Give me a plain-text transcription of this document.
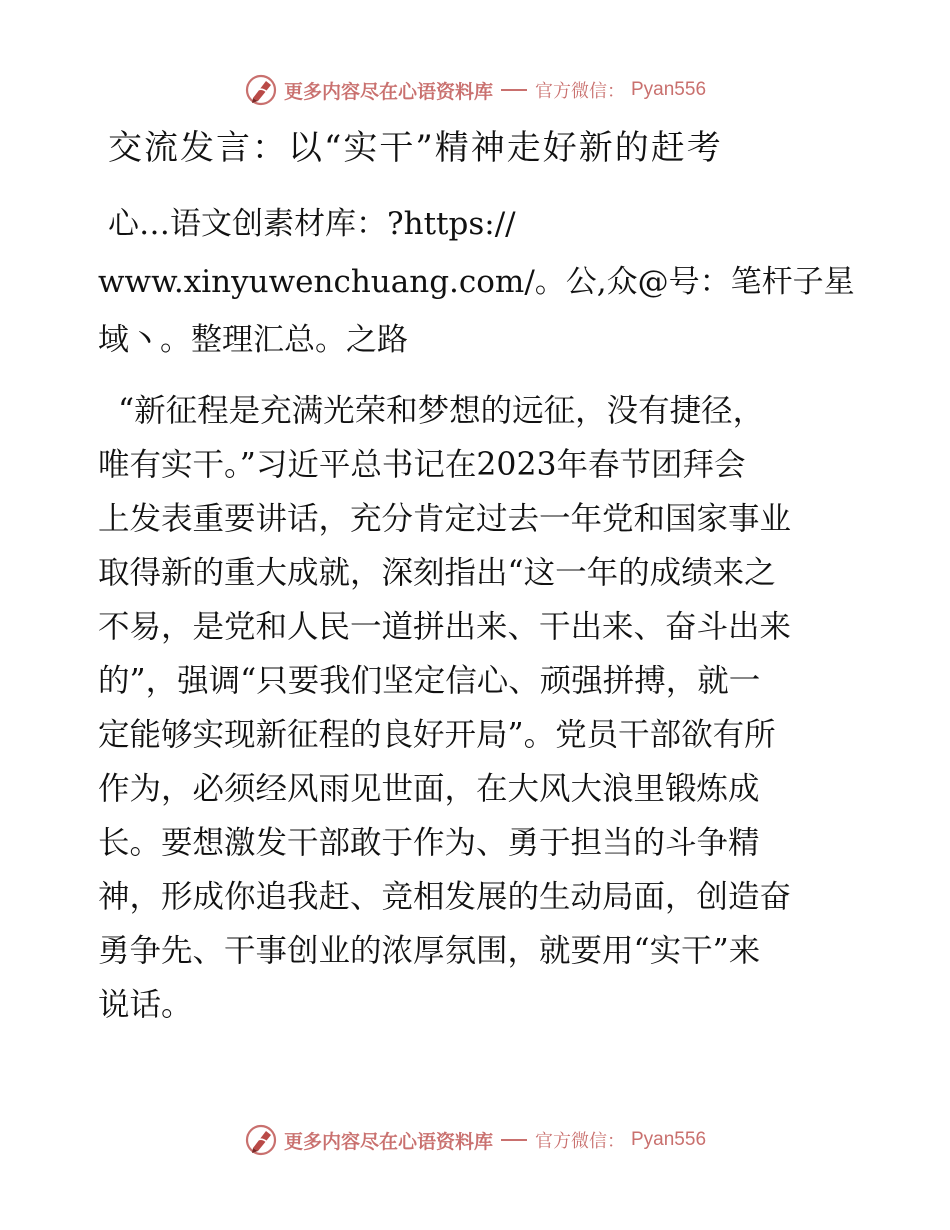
更多内容尽在心语资料库 官方微信： Pyan556
交流发言：以“实干”精神走好新的赶考
心…语文创素材库：?https://
www.xinyuwenchuang.com/。公,众@号：笔杆子星
域丶。整理汇总。之路
“新征程是充满光荣和梦想的远征，没有捷径，
唯有实干。”习近平总书记在2023年春节团拜会
上发表重要讲话，充分肯定过去一年党和国家事业
取得新的重大成就，深刻指出“这一年的成绩来之
不易，是党和人民一道拼出来、干出来、奋斗出来
的”，强调“只要我们坚定信心、顽强拼搏，就一
定能够实现新征程的良好开局”。党员干部欲有所
作为，必须经风雨见世面，在大风大浪里锻炼成
长。要想激发干部敢于作为、勇于担当的斗争精
神，形成你追我赶、竞相发展的生动局面，创造奋
勇争先、干事创业的浓厚氛围，就要用“实干”来
说话。
更多内容尽在心语资料库 官方微信： Pyan556
